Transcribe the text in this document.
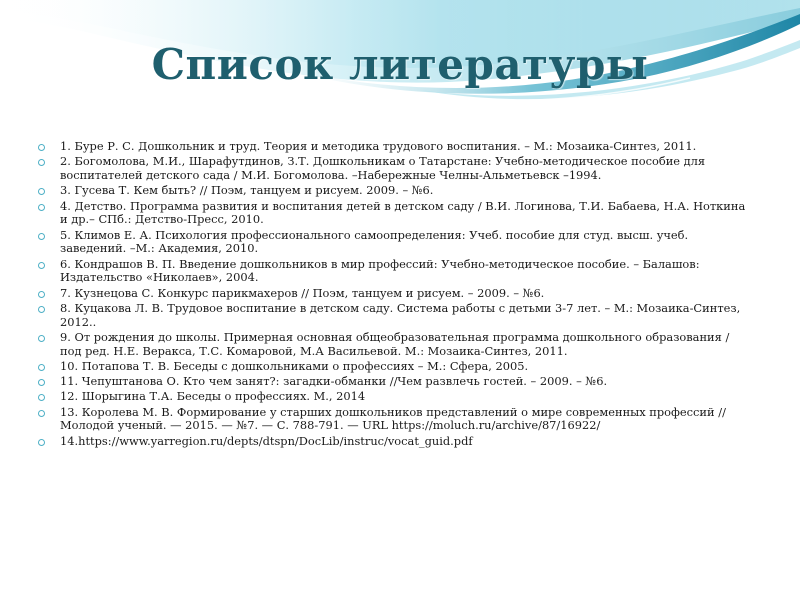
Список литературы
1. Буре Р. С. Дошкольник и труд. Теория и методика трудового воспитания. – М.: Мозаика-Синтез, 2011.
2. Богомолова, М.И., Шарафутдинов, З.Т. Дошкольникам о Татарстане: Учебно-методическое пособие для воспитателей детского сада / М.И. Богомолова. –Набережные Челны-Альметьевск –1994.
3. Гусева Т. Кем быть? // Поэм, танцуем и рисуем. 2009. – №6.
4. Детство. Программа развития и воспитания детей в детском саду / В.И. Логинова, Т.И. Бабаева, Н.А. Ноткина и др.– СПб.: Детство-Пресс, 2010.
5. Климов Е. А. Психология профессионального самоопределения: Учеб. пособие для студ. высш. учеб. заведений. –М.: Академия, 2010.
6. Кондрашов В. П. Введение дошкольников в мир профессий: Учебно-методическое пособие. – Балашов: Издательство «Николаев», 2004.
7. Кузнецова С. Конкурс парикмахеров // Поэм, танцуем и рисуем. – 2009. – №6.
8. Куцакова Л. В. Трудовое воспитание в детском саду. Система работы с детьми 3-7 лет. – М.: Мозаика-Синтез, 2012..
9. От рождения до школы. Примерная основная общеобразовательная программа дошкольного образования / под ред. Н.Е. Веракса, Т.С. Комаровой, М.А Васильевой. М.: Мозаика-Синтез, 2011.
10. Потапова Т. В. Беседы с дошкольниками о профессиях – М.: Сфера, 2005.
11. Чепуштанова О. Кто чем занят?: загадки-обманки //Чем развлечь гостей. – 2009. – №6.
12. Шорыгина Т.А. Беседы о профессиях. М., 2014
13. Королева М. В. Формирование у старших дошкольников представлений о мире современных профессий // Молодой ученый. — 2015. — №7. — С. 788-791. — URL https://moluch.ru/archive/87/16922/
14.https://www.yarregion.ru/depts/dtspn/DocLib/instruc/vocat_guid.pdf
